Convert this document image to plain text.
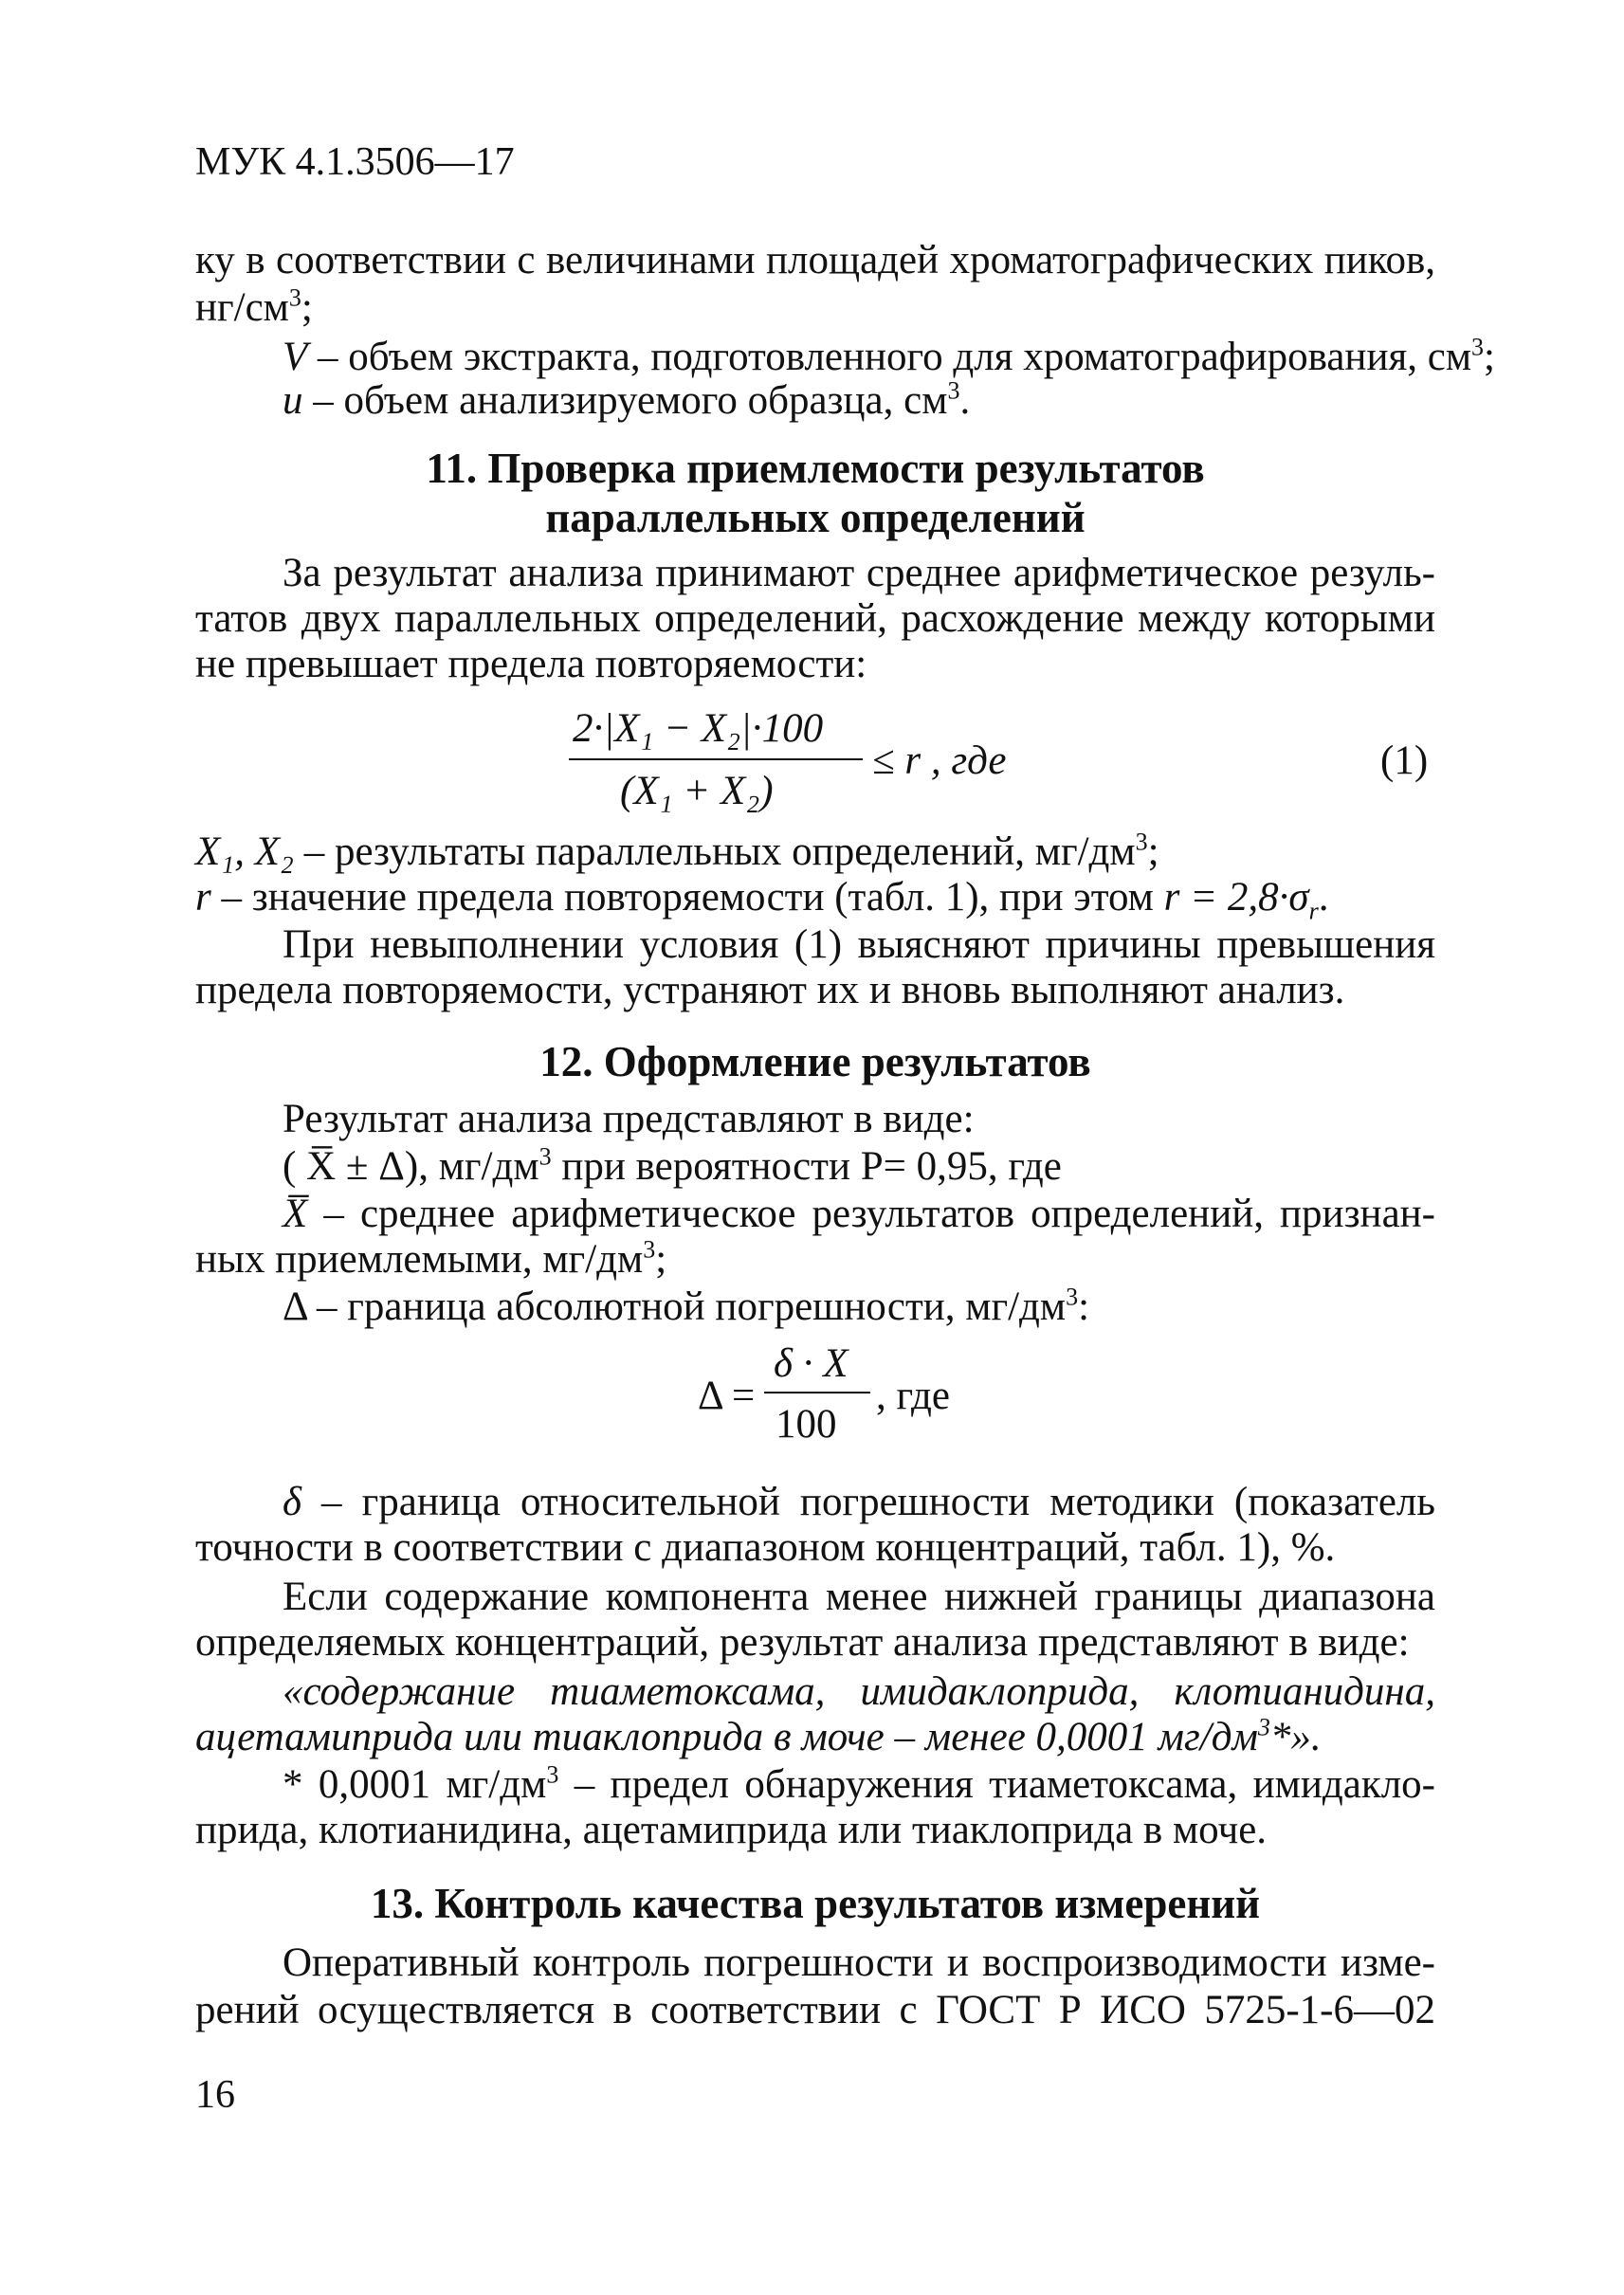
МУК 4.1.3506—17
ку в соответствии с величинами площадей хроматографических пиков,
$нг/см^3$;
V – объем экстракта, подготовленного для хроматографирования, $см^3$;
u – объем анализируемого образца, $см^3$.
11. Проверка приемлемости результатов
параллельных определений
За результат анализа принимают среднее арифметическое резуль-
татов двух параллельных определений, расхождение между которыми
не превышает предела повторяемости:
2·|X₁ − X₂|·100
(X₁ + X₂)
≤ r , где	(1)
X₁, X₂ – результаты параллельных определений, $мг/дм^3$;
r – значение предела повторяемости (табл. 1), при этом $r = 2,8\cdot\sigma_r$.
При невыполнении условия (1) выясняют причины превышения
предела повторяемости, устраняют их и вновь выполняют анализ.
12. Оформление результатов
Результат анализа представляют в виде:
( X̅ ± Δ), $мг/дм^3$ при вероятности Р= 0,95, где
X̅ – среднее арифметическое результатов определений, признан-
ных приемлемыми, $мг/дм^3$;
Δ – граница абсолютной погрешности, $мг/дм^3$:
Δ =
δ · X
100
, где
δ – граница относительной погрешности методики (показатель
точности в соответствии с диапазоном концентраций, табл. 1), %.
Если содержание компонента менее нижней границы диапазона
определяемых концентраций, результат анализа представляют в виде:
«содержание тиаметоксама, имидаклоприда, клотианидина,
ацетамиприда или тиаклоприда в моче – менее 0,0001 $мг/дм^3*$».
* 0,0001 $мг/дм^3$ – предел обнаружения тиаметоксама, имидакло-
прида, клотианидина, ацетамиприда или тиаклоприда в моче.
13. Контроль качества результатов измерений
Оперативный контроль погрешности и воспроизводимости изме-
рений осуществляется в соответствии с ГОСТ Р ИСО 5725-1-6—02
16
